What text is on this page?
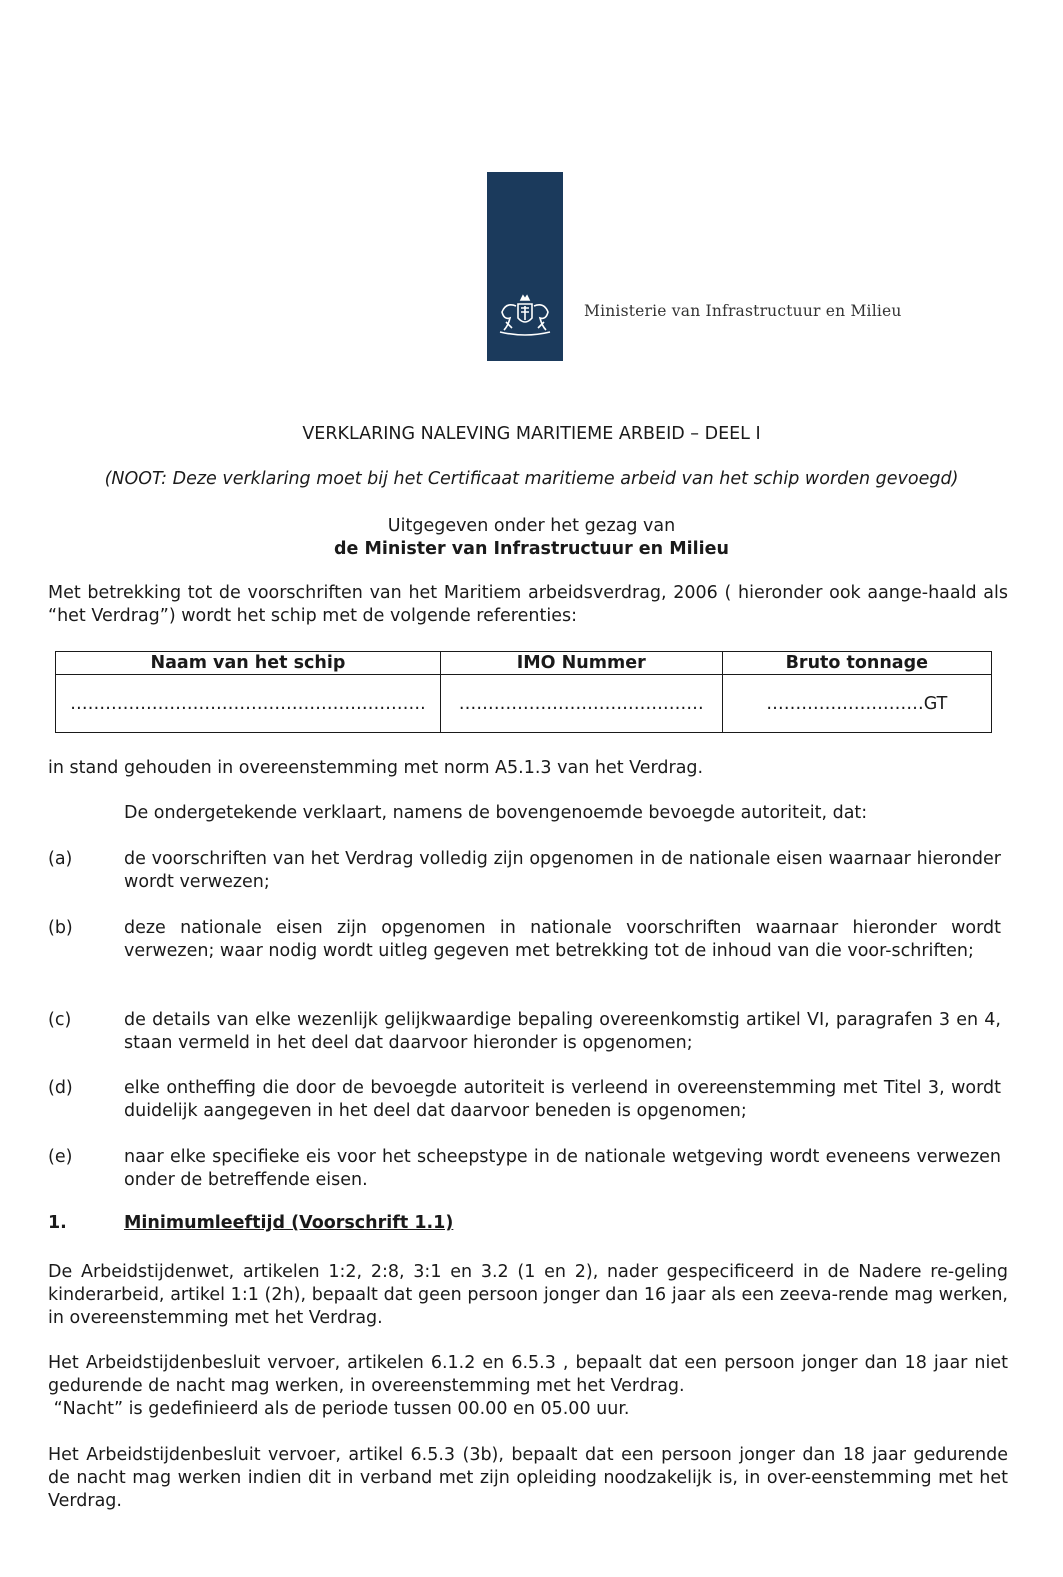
Ministerie van Infrastructuur en Milieu
VERKLARING NALEVING MARITIEME ARBEID – DEEL I
(NOOT: Deze verklaring moet bij het Certificaat maritieme arbeid van het schip worden gevoegd)
Uitgegeven onder het gezag van
de Minister van Infrastructuur en Milieu

Met betrekking tot de voorschriften van het Maritiem arbeidsverdrag, 2006 ( hieronder ook aange-haald als “het Verdrag”) wordt het schip met de volgende referenties:

Naam van het schip	IMO Nummer	Bruto tonnage
…………………………………………………….	……………………………………	………………………GT

in stand gehouden in overeenstemming met norm A5.1.3 van het Verdrag.

De ondergetekende verklaart, namens de bovengenoemde bevoegde autoriteit, dat:

(a)	de voorschriften van het Verdrag volledig zijn opgenomen in de nationale eisen waarnaar hieronder wordt verwezen;
(b)	deze nationale eisen zijn opgenomen in nationale voorschriften waarnaar hieronder wordt verwezen; waar nodig wordt uitleg gegeven met betrekking tot de inhoud van die voor-schriften;
(c)	de details van elke wezenlijk gelijkwaardige bepaling overeenkomstig artikel VI, paragrafen 3 en 4, staan vermeld in het deel dat daarvoor hieronder is opgenomen;
(d)	elke ontheffing die door de bevoegde autoriteit is verleend in overeenstemming met Titel 3, wordt duidelijk aangegeven in het deel dat daarvoor beneden is opgenomen;
(e)	naar elke specifieke eis voor het scheepstype in de nationale wetgeving wordt eveneens verwezen onder de betreffende eisen.
1.	Minimumleeftijd (Voorschrift 1.1)

De Arbeidstijdenwet, artikelen 1:2, 2:8, 3:1 en 3.2 (1 en 2), nader gespecificeerd in de Nadere re-geling kinderarbeid, artikel 1:1 (2h), bepaalt dat geen persoon jonger dan 16 jaar als een zeeva-rende mag werken, in overeenstemming met het Verdrag.

Het Arbeidstijdenbesluit vervoer, artikelen 6.1.2 en 6.5.3 , bepaalt dat een persoon jonger dan 18 jaar niet gedurende de nacht mag werken, in overeenstemming met het Verdrag.

“Nacht” is gedefinieerd als de periode tussen 00.00 en 05.00 uur.

Het Arbeidstijdenbesluit vervoer, artikel 6.5.3 (3b), bepaalt dat een persoon jonger dan 18 jaar gedurende de nacht mag werken indien dit in verband met zijn opleiding noodzakelijk is, in over-eenstemming met het Verdrag.
